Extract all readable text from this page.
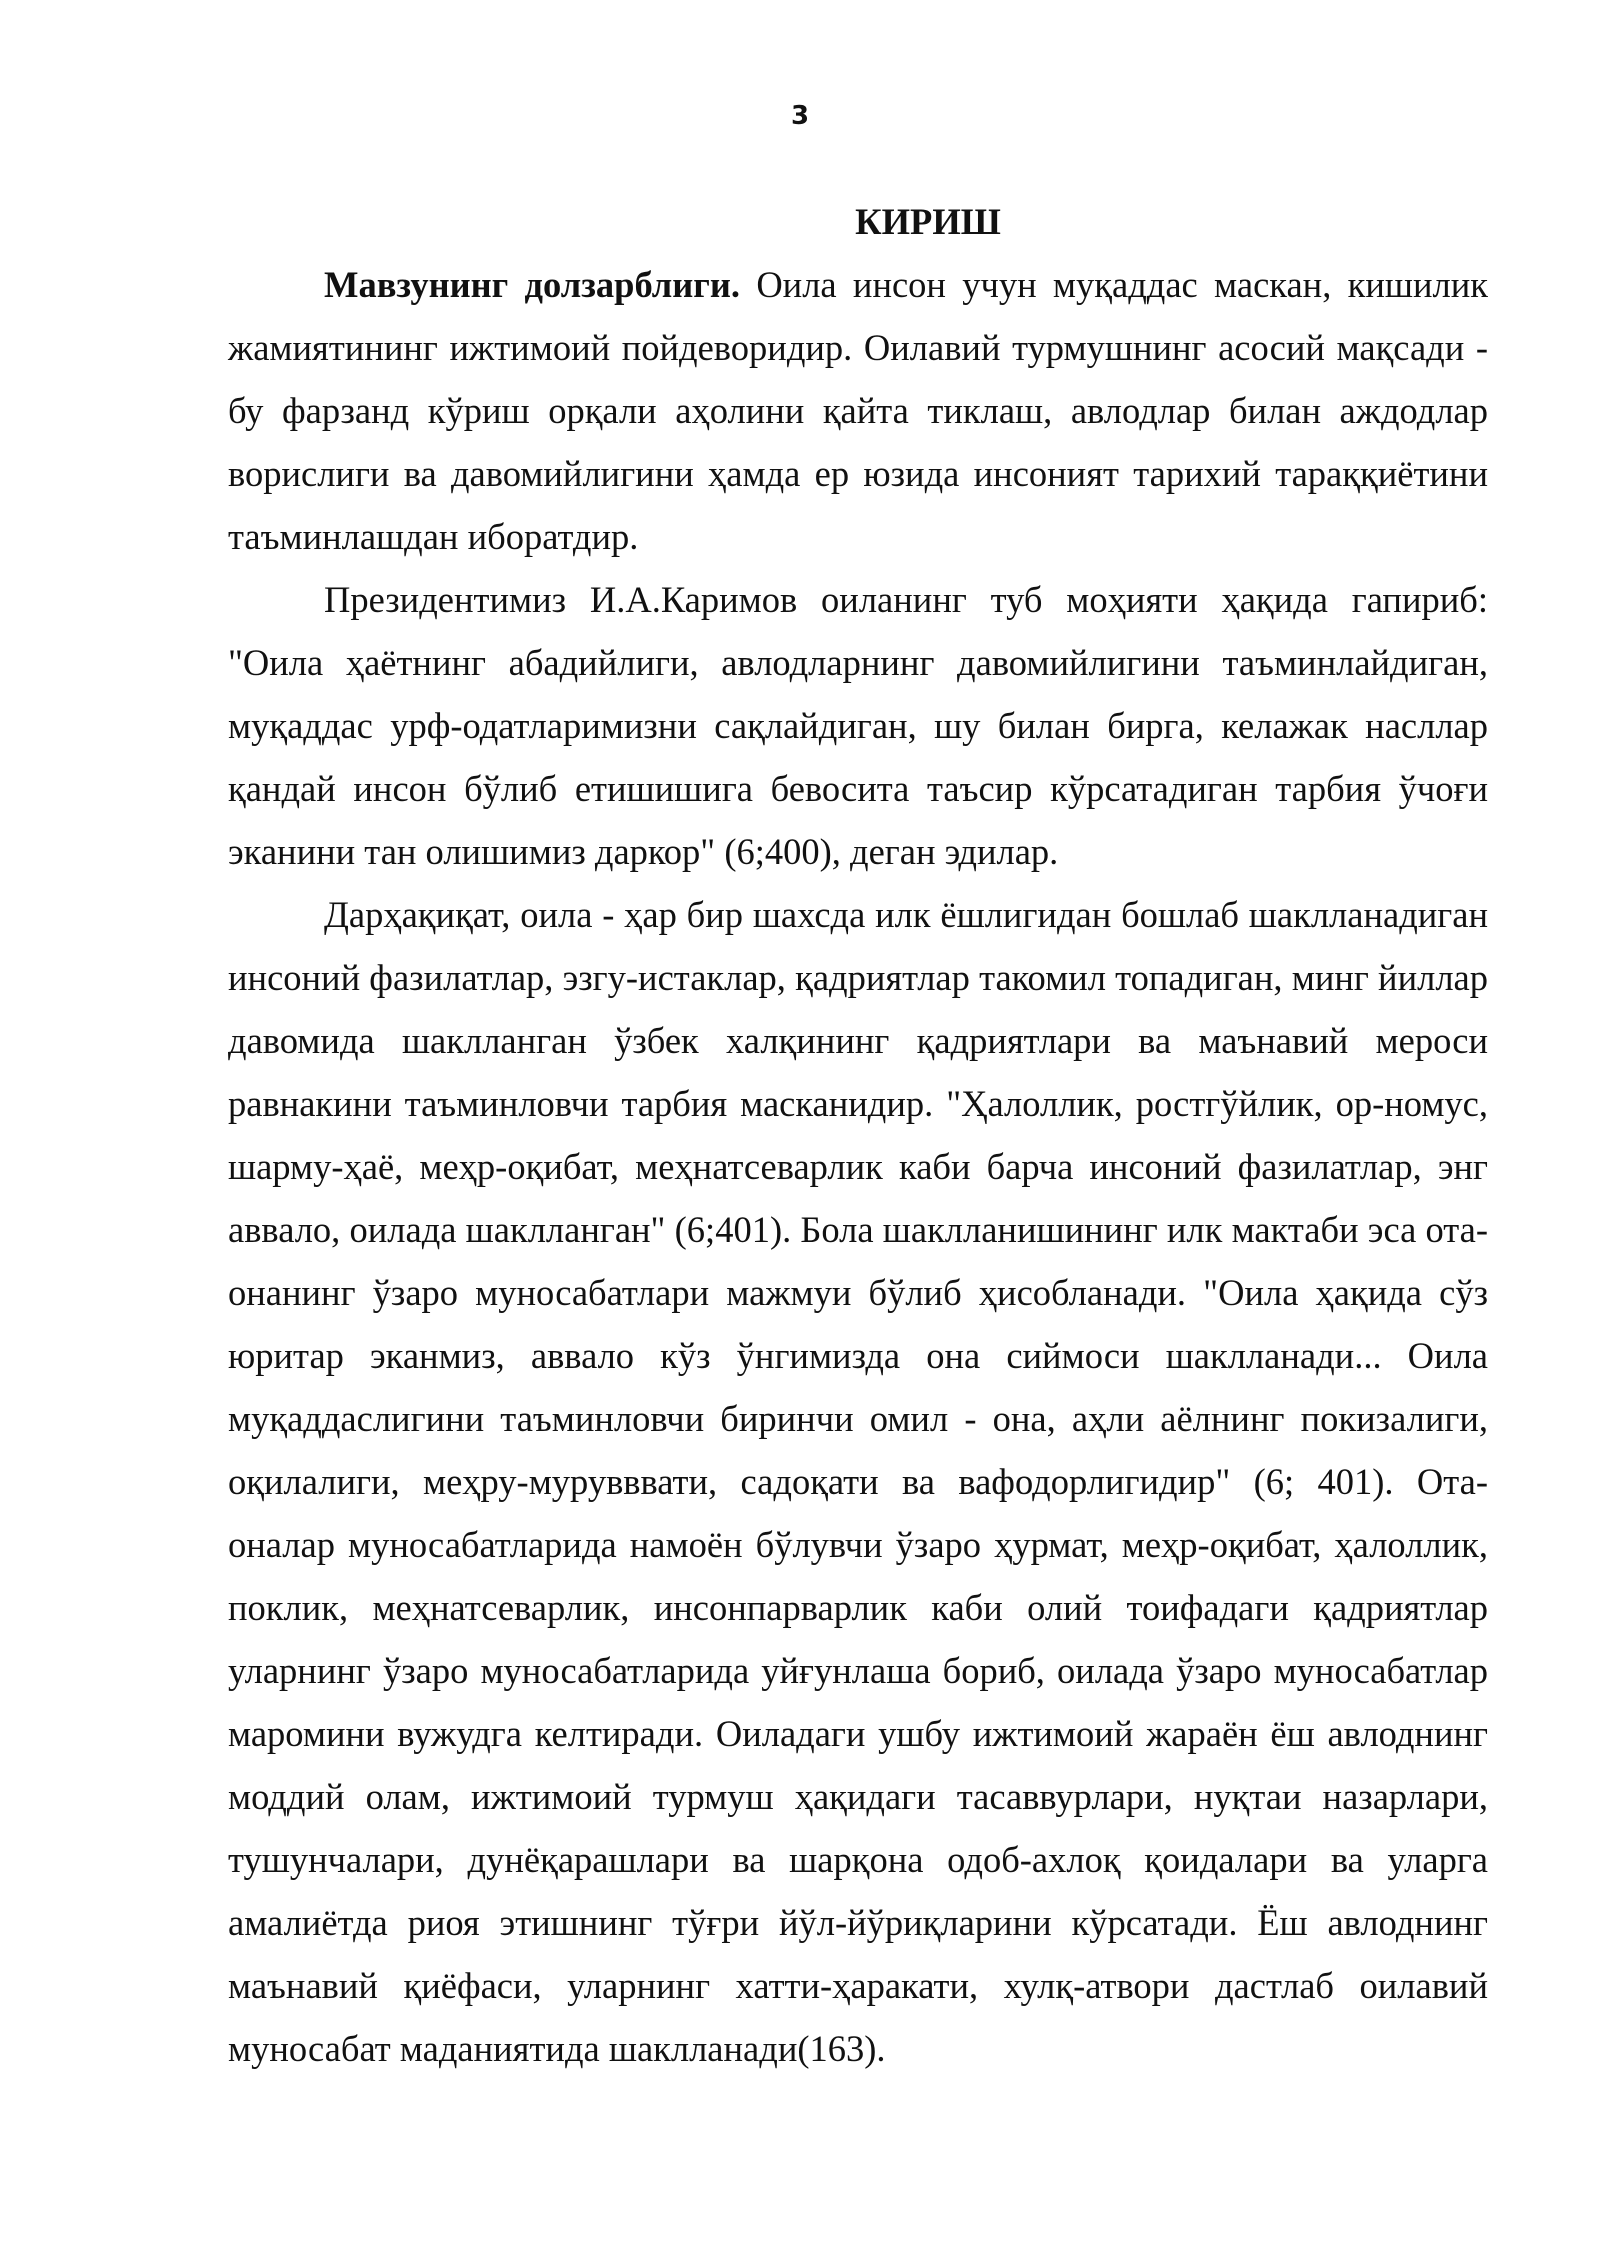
3

КИРИШ

Мавзунинг долзарблиги. Оила инсон учун муқаддас маскан, кишилик жамиятининг ижтимоий пойдеворидир. Оилавий турмушнинг асосий мақсади - бу фарзанд кўриш орқали аҳолини қайта тиклаш, авлодлар билан аждодлар ворислиги ва давомийлигини ҳамда ер юзида инсоният тарихий тараққиётини таъминлашдан иборатдир.

Президентимиз И.А.Каримов оиланинг туб моҳияти ҳақида гапириб: "Оила ҳаётнинг абадийлиги, авлодларнинг давомийлигини таъминлайдиган, муқаддас урф-одатларимизни сақлайдиган, шу билан бирга, келажак насллар қандай инсон бўлиб етишишига бевосита таъсир кўрсатадиган тарбия ўчоғи эканини тан олишимиз даркор" (6;400), деган эдилар.

Дарҳақиқат, оила - ҳар бир шахсда илк ёшлигидан бошлаб шаклланадиган инсоний фазилатлар, эзгу-истаклар, қадриятлар такомил топадиган, минг йиллар давомида шаклланган ўзбек халқининг қадриятлари ва маънавий мероси равнакини таъминловчи тарбия масканидир. "Ҳалоллик, ростгўйлик, ор-номус, шарму-ҳаё, меҳр-оқибат, меҳнатсеварлик каби барча инсоний фазилатлар, энг аввало, оилада шаклланган" (6;401). Бола шаклланишининг илк мактаби эса ота-онанинг ўзаро муносабатлари мажмуи бўлиб ҳисобланади. "Оила ҳақида сўз юритар эканмиз, аввало кўз ўнгимизда она сиймоси шаклланади... Оила муқаддаслигини таъминловчи биринчи омил - она, аҳли аёлнинг покизалиги, оқилалиги, меҳру-мурувввати, садоқати ва вафодорлигидир" (6; 401). Ота-оналар муносабатларида намоён бўлувчи ўзаро ҳурмат, меҳр-оқибат, ҳалоллик, поклик, меҳнатсеварлик, инсонпарварлик каби олий тоифадаги қадриятлар уларнинг ўзаро муносабатларида уйғунлаша бориб, оилада ўзаро муносабатлар маромини вужудга келтиради. Оиладаги ушбу ижтимоий жараён ёш авлоднинг моддий олам, ижтимоий турмуш ҳақидаги тасаввурлари, нуқтаи назарлари, тушунчалари, дунёқарашлари ва шарқона одоб-ахлоқ қоидалари ва уларга амалиётда риоя этишнинг тўғри йўл-йўриқларини кўрсатади. Ёш авлоднинг маънавий қиёфаси, уларнинг хатти-ҳаракати, хулқ-атвори дастлаб оилавий муносабат маданиятида шаклланади(163).
